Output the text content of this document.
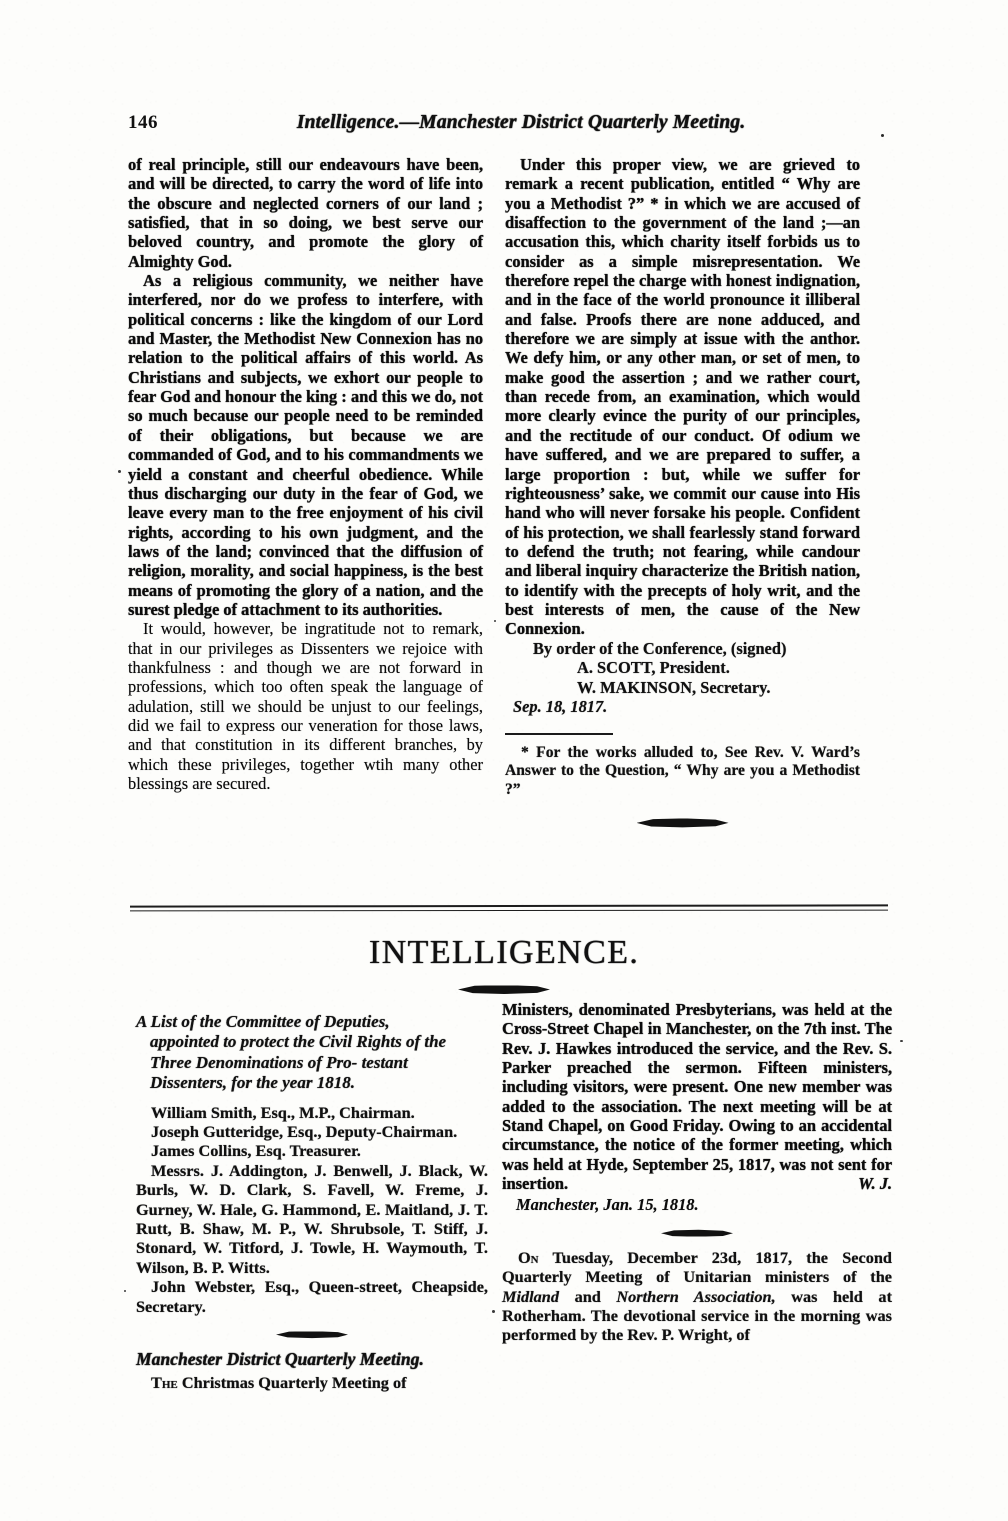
146	Intelligence.—Manchester District Quarterly Meeting.

of real principle, still our endeavours have been, and will be directed, to carry the word of life into the obscure and neglected corners of our land ; satisfied, that in so doing, we best serve our beloved country, and promote the glory of Almighty God.

As a religious community, we neither have interfered, nor do we profess to interfere, with political concerns : like the kingdom of our Lord and Master, the Methodist New Connexion has no relation to the political affairs of this world. As Christians and subjects, we exhort our people to fear God and honour the king : and this we do, not so much because our people need to be reminded of their obligations, but because we are commanded of God, and to his commandments we yield a constant and cheerful obedience. While thus discharging our duty in the fear of God, we leave every man to the free enjoyment of his civil rights, according to his own judgment, and the laws of the land; convinced that the diffusion of religion, morality, and social happiness, is the best means of promoting the glory of a nation, and the surest pledge of attachment to its authorities.

It would, however, be ingratitude not to remark, that in our privileges as Dissenters we rejoice with thankfulness : and though we are not forward in professions, which too often speak the language of adulation, still we should be unjust to our feelings, did we fail to express our veneration for those laws, and that constitution in its different branches, by which these privileges, together wtih many other blessings are secured.

Under this proper view, we are grieved to remark a recent publication, entitled “ Why are you a Methodist ?” * in which we are accused of disaffection to the government of the land ;—an accusation this, which charity itself forbids us to consider as a simple misrepresentation. We therefore repel the charge with honest indignation, and in the face of the world pronounce it illiberal and false. Proofs there are none adduced, and therefore we are simply at issue with the anthor. We defy him, or any other man, or set of men, to make good the assertion ; and we rather court, than recede from, an examination, which would more clearly evince the purity of our principles, and the rectitude of our conduct. Of odium we have suffered, and we are prepared to suffer, a large proportion : but, while we suffer for righteousness’ sake, we commit our cause into His hand who will never forsake his people. Confident of his protection, we shall fearlessly stand forward to defend the truth; not fearing, while candour and liberal inquiry characterize the British nation, to identify with the precepts of holy writ, and the best interests of men, the cause of the New Connexion.

By order of the Conference, (signed)

A. SCOTT, President.

W. MAKINSON, Secretary.

Sep. 18, 1817.

* For the works alluded to, See Rev. V. Ward’s Answer to the Question, “ Why are you a Methodist ?”

INTELLIGENCE.
A List of the Committee of Deputies,
appointed to protect the Civil Rights of the Three Denominations of Pro- testant Dissenters, for the year 1818.

William Smith, Esq., M.P., Chairman.

Joseph Gutteridge, Esq., Deputy-Chairman.

James Collins, Esq. Treasurer.

Messrs. J. Addington, J. Benwell, J. Black, W. Burls, W. D. Clark, S. Favell, W. Freme, J. Gurney, W. Hale, G. Hammond, E. Maitland, J. T. Rutt, B. Shaw, M. P., W. Shrubsole, T. Stiff, J. Stonard, W. Titford, J. Towle, H. Waymouth, T. Wilson, B. P. Witts.

John Webster, Esq., Queen-street, Cheapside, Secretary.

Manchester District Quarterly Meeting.

The Christmas Quarterly Meeting of

Ministers, denominated Presbyterians, was held at the Cross-Street Chapel in Manchester, on the 7th inst. The Rev. J. Hawkes introduced the service, and the Rev. S. Parker preached the sermon. Fifteen ministers, including visitors, were present. One new member was added to the association. The next meeting will be at Stand Chapel, on Good Friday. Owing to an accidental circumstance, the notice of the former meeting, which was held at Hyde, September 25, 1817, was not sent for insertion.	W. J.

Manchester, Jan. 15, 1818.

On Tuesday, December 23d, 1817, the Second Quarterly Meeting of Unitarian ministers of the Midland and Northern Association, was held at Rotherham. The devotional service in the morning was performed by the Rev. P. Wright, of
